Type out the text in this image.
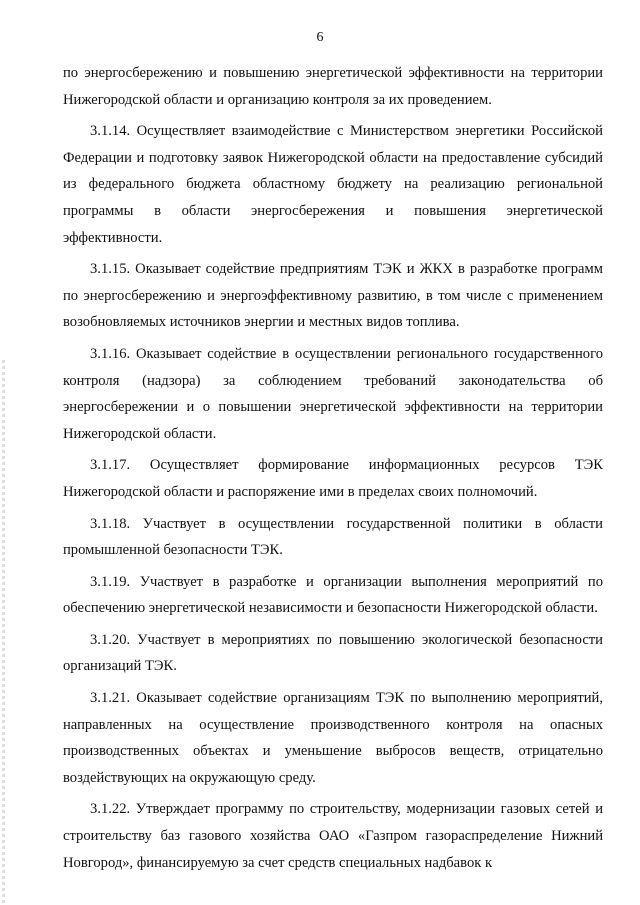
6

по энергосбережению и повышению энергетической эффективности на территории Нижегородской области и организацию контроля за их проведением.

3.1.14. Осуществляет взаимодействие с Министерством энергетики Российской Федерации и подготовку заявок Нижегородской области на предоставление субсидий из федерального бюджета областному бюджету на реализацию региональной программы в области энергосбережения и повышения энергетической эффективности.

3.1.15. Оказывает содействие предприятиям ТЭК и ЖКХ в разработке программ по энергосбережению и энергоэффективному развитию, в том числе с применением возобновляемых источников энергии и местных видов топлива.

3.1.16. Оказывает содействие в осуществлении регионального государственного контроля (надзора) за соблюдением требований законодательства об энергосбережении и о повышении энергетической эффективности на территории Нижегородской области.

3.1.17. Осуществляет формирование информационных ресурсов ТЭК Нижегородской области и распоряжение ими в пределах своих полномочий.

3.1.18. Участвует в осуществлении государственной политики в области промышленной безопасности ТЭК.

3.1.19. Участвует в разработке и организации выполнения мероприятий по обеспечению энергетической независимости и безопасности Нижегородской области.

3.1.20. Участвует в мероприятиях по повышению экологической безопасности организаций ТЭК.

3.1.21. Оказывает содействие организациям ТЭК по выполнению мероприятий, направленных на осуществление производственного контроля на опасных производственных объектах и уменьшение выбросов веществ, отрицательно воздействующих на окружающую среду.

3.1.22. Утверждает программу по строительству, модернизации газовых сетей и строительству баз газового хозяйства ОАО «Газпром газораспределение Нижний Новгород», финансируемую за счет средств специальных надбавок к
